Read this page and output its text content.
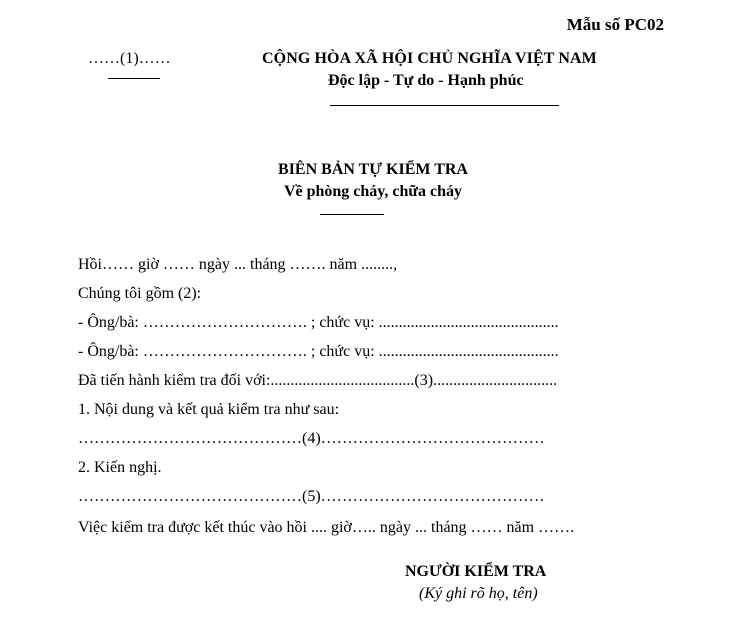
Mẫu số PC02
……(1)……	CỘNG HÒA XÃ HỘI CHỦ NGHĨA VIỆT NAM
Độc lập - Tự do - Hạnh phúc
BIÊN BẢN TỰ KIỂM TRA
Về phòng cháy, chữa cháy
Hồi…… giờ …… ngày ... tháng ……. năm ........,
Chúng tôi gồm (2):
- Ông/bà: …………………………. ; chức vụ: .............................................
- Ông/bà: …………………………. ; chức vụ: .............................................
Đã tiến hành kiểm tra đối với:....................................(3)...............................
1. Nội dung và kết quả kiểm tra như sau:
……………………………………(4)……………………………………
2. Kiến nghị.
……………………………………(5)……………………………………
Việc kiểm tra được kết thúc vào hồi .... giờ….. ngày ... tháng …… năm …….
NGƯỜI KIỂM TRA
(Ký ghi rõ họ, tên)
